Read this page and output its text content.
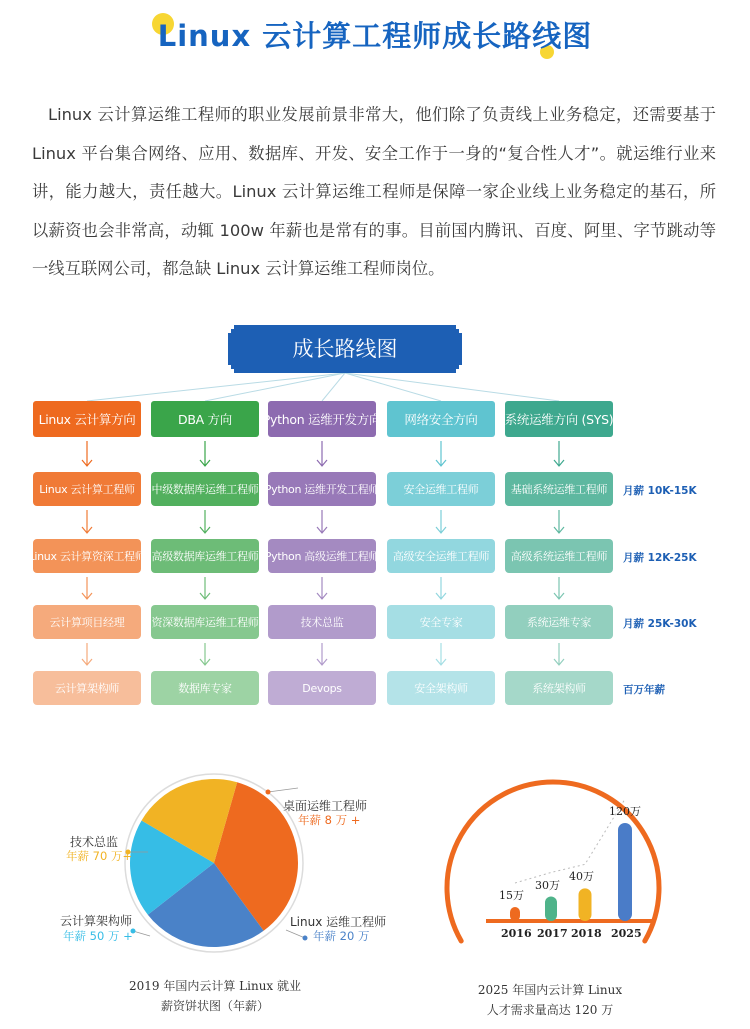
Linux 云计算工程师成长路线图

Linux 云计算运维工程师的职业发展前景非常大，他们除了负责线上业务稳定，还需要基于 Linux 平台集合网络、应用、数据库、开发、安全工作于一身的“复合性人才”。就运维行业来讲，能力越大，责任越大。Linux 云计算运维工程师是保障一家企业线上业务稳定的基石，所以薪资也会非常高，动辄 100w 年薪也是常有的事。目前国内腾讯、百度、阿里、字节跳动等一线互联网公司，都急缺 Linux 云计算运维工程师岗位。

成长路线图
Linux 云计算方向
Linux 云计算工程师
Linux 云计算资深工程师
云计算项目经理
云计算架构师
DBA 方向
中级数据库运维工程师
高级数据库运维工程师
资深数据库运维工程师
数据库专家
Python 运维开发方向
Python 运维开发工程师
Python 高级运维工程师
技术总监
Devops
网络安全方向
安全运维工程师
高级安全运维工程师
安全专家
安全架构师
系统运维方向 (SYS)
基础系统运维工程师
高级系统运维工程师
系统运维专家
系统架构师
月薪 10K-15K
月薪 12K-25K
月薪 25K-30K
百万年薪
桌面运维工程师
年薪 8 万 +
技术总监
年薪 70 万+
云计算架构师
年薪 50 万 +
Linux 运维工程师
年薪 20 万
2019 年国内云计算 Linux 就业
薪资饼状图（年薪）
15万
2016
30万
2017
40万
2018
120万
2025
2025 年国内云计算 Linux
人才需求量高达 120 万
